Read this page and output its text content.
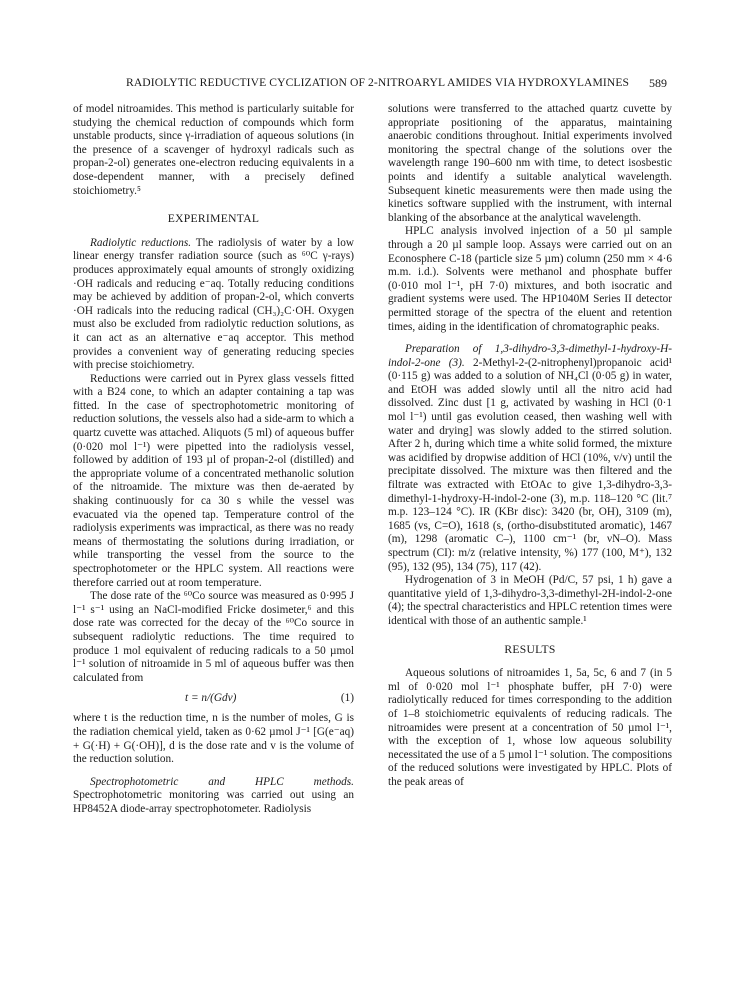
RADIOLYTIC REDUCTIVE CYCLIZATION OF 2-NITROARYL AMIDES VIA HYDROXYLAMINES 589

of model nitroamides. This method is particularly suitable for studying the chemical reduction of compounds which form unstable products, since γ-irradiation of aqueous solutions (in the presence of a scavenger of hydroxyl radicals such as propan-2-ol) generates one-electron reducing equivalents in a dose-dependent manner, with a precisely defined stoichiometry.⁵

EXPERIMENTAL

Radiolytic reductions. The radiolysis of water by a low linear energy transfer radiation source (such as ⁶⁰C γ-rays) produces approximately equal amounts of strongly oxidizing ·OH radicals and reducing e⁻aq. Totally reducing conditions may be achieved by addition of propan-2-ol, which converts ·OH radicals into the reducing radical (CH₃)₂C·OH. Oxygen must also be excluded from radiolytic reduction solutions, as it can act as an alternative e⁻aq acceptor. This method provides a convenient way of generating reducing species with precise stoichiometry.

Reductions were carried out in Pyrex glass vessels fitted with a B24 cone, to which an adapter containing a tap was fitted. In the case of spectrophotometric monitoring of reduction solutions, the vessels also had a side-arm to which a quartz cuvette was attached. Aliquots (5 ml) of aqueous buffer (0·020 mol l⁻¹) were pipetted into the radiolysis vessel, followed by addition of 193 µl of propan-2-ol (distilled) and the appropriate volume of a concentrated methanolic solution of the nitroamide. The mixture was then de-aerated by shaking continuously for ca 30 s while the vessel was evacuated via the opened tap. Temperature control of the radiolysis experiments was impractical, as there was no ready means of thermostating the solutions during irradiation, or while transporting the vessel from the source to the spectrophotometer or the HPLC system. All reactions were therefore carried out at room temperature.

The dose rate of the ⁶⁰Co source was measured as 0·995 J l⁻¹ s⁻¹ using an NaCl-modified Fricke dosimeter,⁶ and this dose rate was corrected for the decay of the ⁶⁰Co source in subsequent radiolytic reductions. The time required to produce 1 mol equivalent of reducing radicals to a 50 µmol l⁻¹ solution of nitroamide in 5 ml of aqueous buffer was then calculated from

t = n/(Gdv)	(1)

where t is the reduction time, n is the number of moles, G is the radiation chemical yield, taken as 0·62 µmol J⁻¹ [G(e⁻aq) + G(·H) + G(·OH)], d is the dose rate and v is the volume of the reduction solution.

Spectrophotometric and HPLC methods. Spectrophotometric monitoring was carried out using an HP8452A diode-array spectrophotometer. Radiolysis

solutions were transferred to the attached quartz cuvette by appropriate positioning of the apparatus, maintaining anaerobic conditions throughout. Initial experiments involved monitoring the spectral change of the solutions over the wavelength range 190–600 nm with time, to detect isosbestic points and identify a suitable analytical wavelength. Subsequent kinetic measurements were then made using the kinetics software supplied with the instrument, with internal blanking of the absorbance at the analytical wavelength.

HPLC analysis involved injection of a 50 µl sample through a 20 µl sample loop. Assays were carried out on an Econosphere C-18 (particle size 5 µm) column (250 mm × 4·6 m.m. i.d.). Solvents were methanol and phosphate buffer (0·010 mol l⁻¹, pH 7·0) mixtures, and both isocratic and gradient systems were used. The HP1040M Series II detector permitted storage of the spectra of the eluent and retention times, aiding in the identification of chromatographic peaks.

Preparation of 1,3-dihydro-3,3-dimethyl-1-hydroxy-H-indol-2-one (3). 2-Methyl-2-(2-nitrophenyl)propanoic acid¹ (0·115 g) was added to a solution of NH₄Cl (0·05 g) in water, and EtOH was added slowly until all the nitro acid had dissolved. Zinc dust [1 g, activated by washing in HCl (0·1 mol l⁻¹) until gas evolution ceased, then washing well with water and drying] was slowly added to the stirred solution. After 2 h, during which time a white solid formed, the mixture was acidified by dropwise addition of HCl (10%, v/v) until the precipitate dissolved. The mixture was then filtered and the filtrate was extracted with EtOAc to give 1,3-dihydro-3,3-dimethyl-1-hydroxy-H-indol-2-one (3), m.p. 118–120 °C (lit.⁷ m.p. 123–124 °C). IR (KBr disc): 3420 (br, OH), 3109 (m), 1685 (vs, C=O), 1618 (s, (ortho-disubstituted aromatic), 1467 (m), 1298 (aromatic C–), 1100 cm⁻¹ (br, νN–O). Mass spectrum (CI): m/z (relative intensity, %) 177 (100, M⁺), 132 (95), 132 (95), 134 (75), 117 (42).

Hydrogenation of 3 in MeOH (Pd/C, 57 psi, 1 h) gave a quantitative yield of 1,3-dihydro-3,3-dimethyl-2H-indol-2-one (4); the spectral characteristics and HPLC retention times were identical with those of an authentic sample.¹

RESULTS

Aqueous solutions of nitroamides 1, 5a, 5c, 6 and 7 (in 5 ml of 0·020 mol l⁻¹ phosphate buffer, pH 7·0) were radiolytically reduced for times corresponding to the addition of 1–8 stoichiometric equivalents of reducing radicals. The nitroamides were present at a concentration of 50 µmol l⁻¹, with the exception of 1, whose low aqueous solubility necessitated the use of a 5 µmol l⁻¹ solution. The compositions of the reduced solutions were investigated by HPLC. Plots of the peak areas of
